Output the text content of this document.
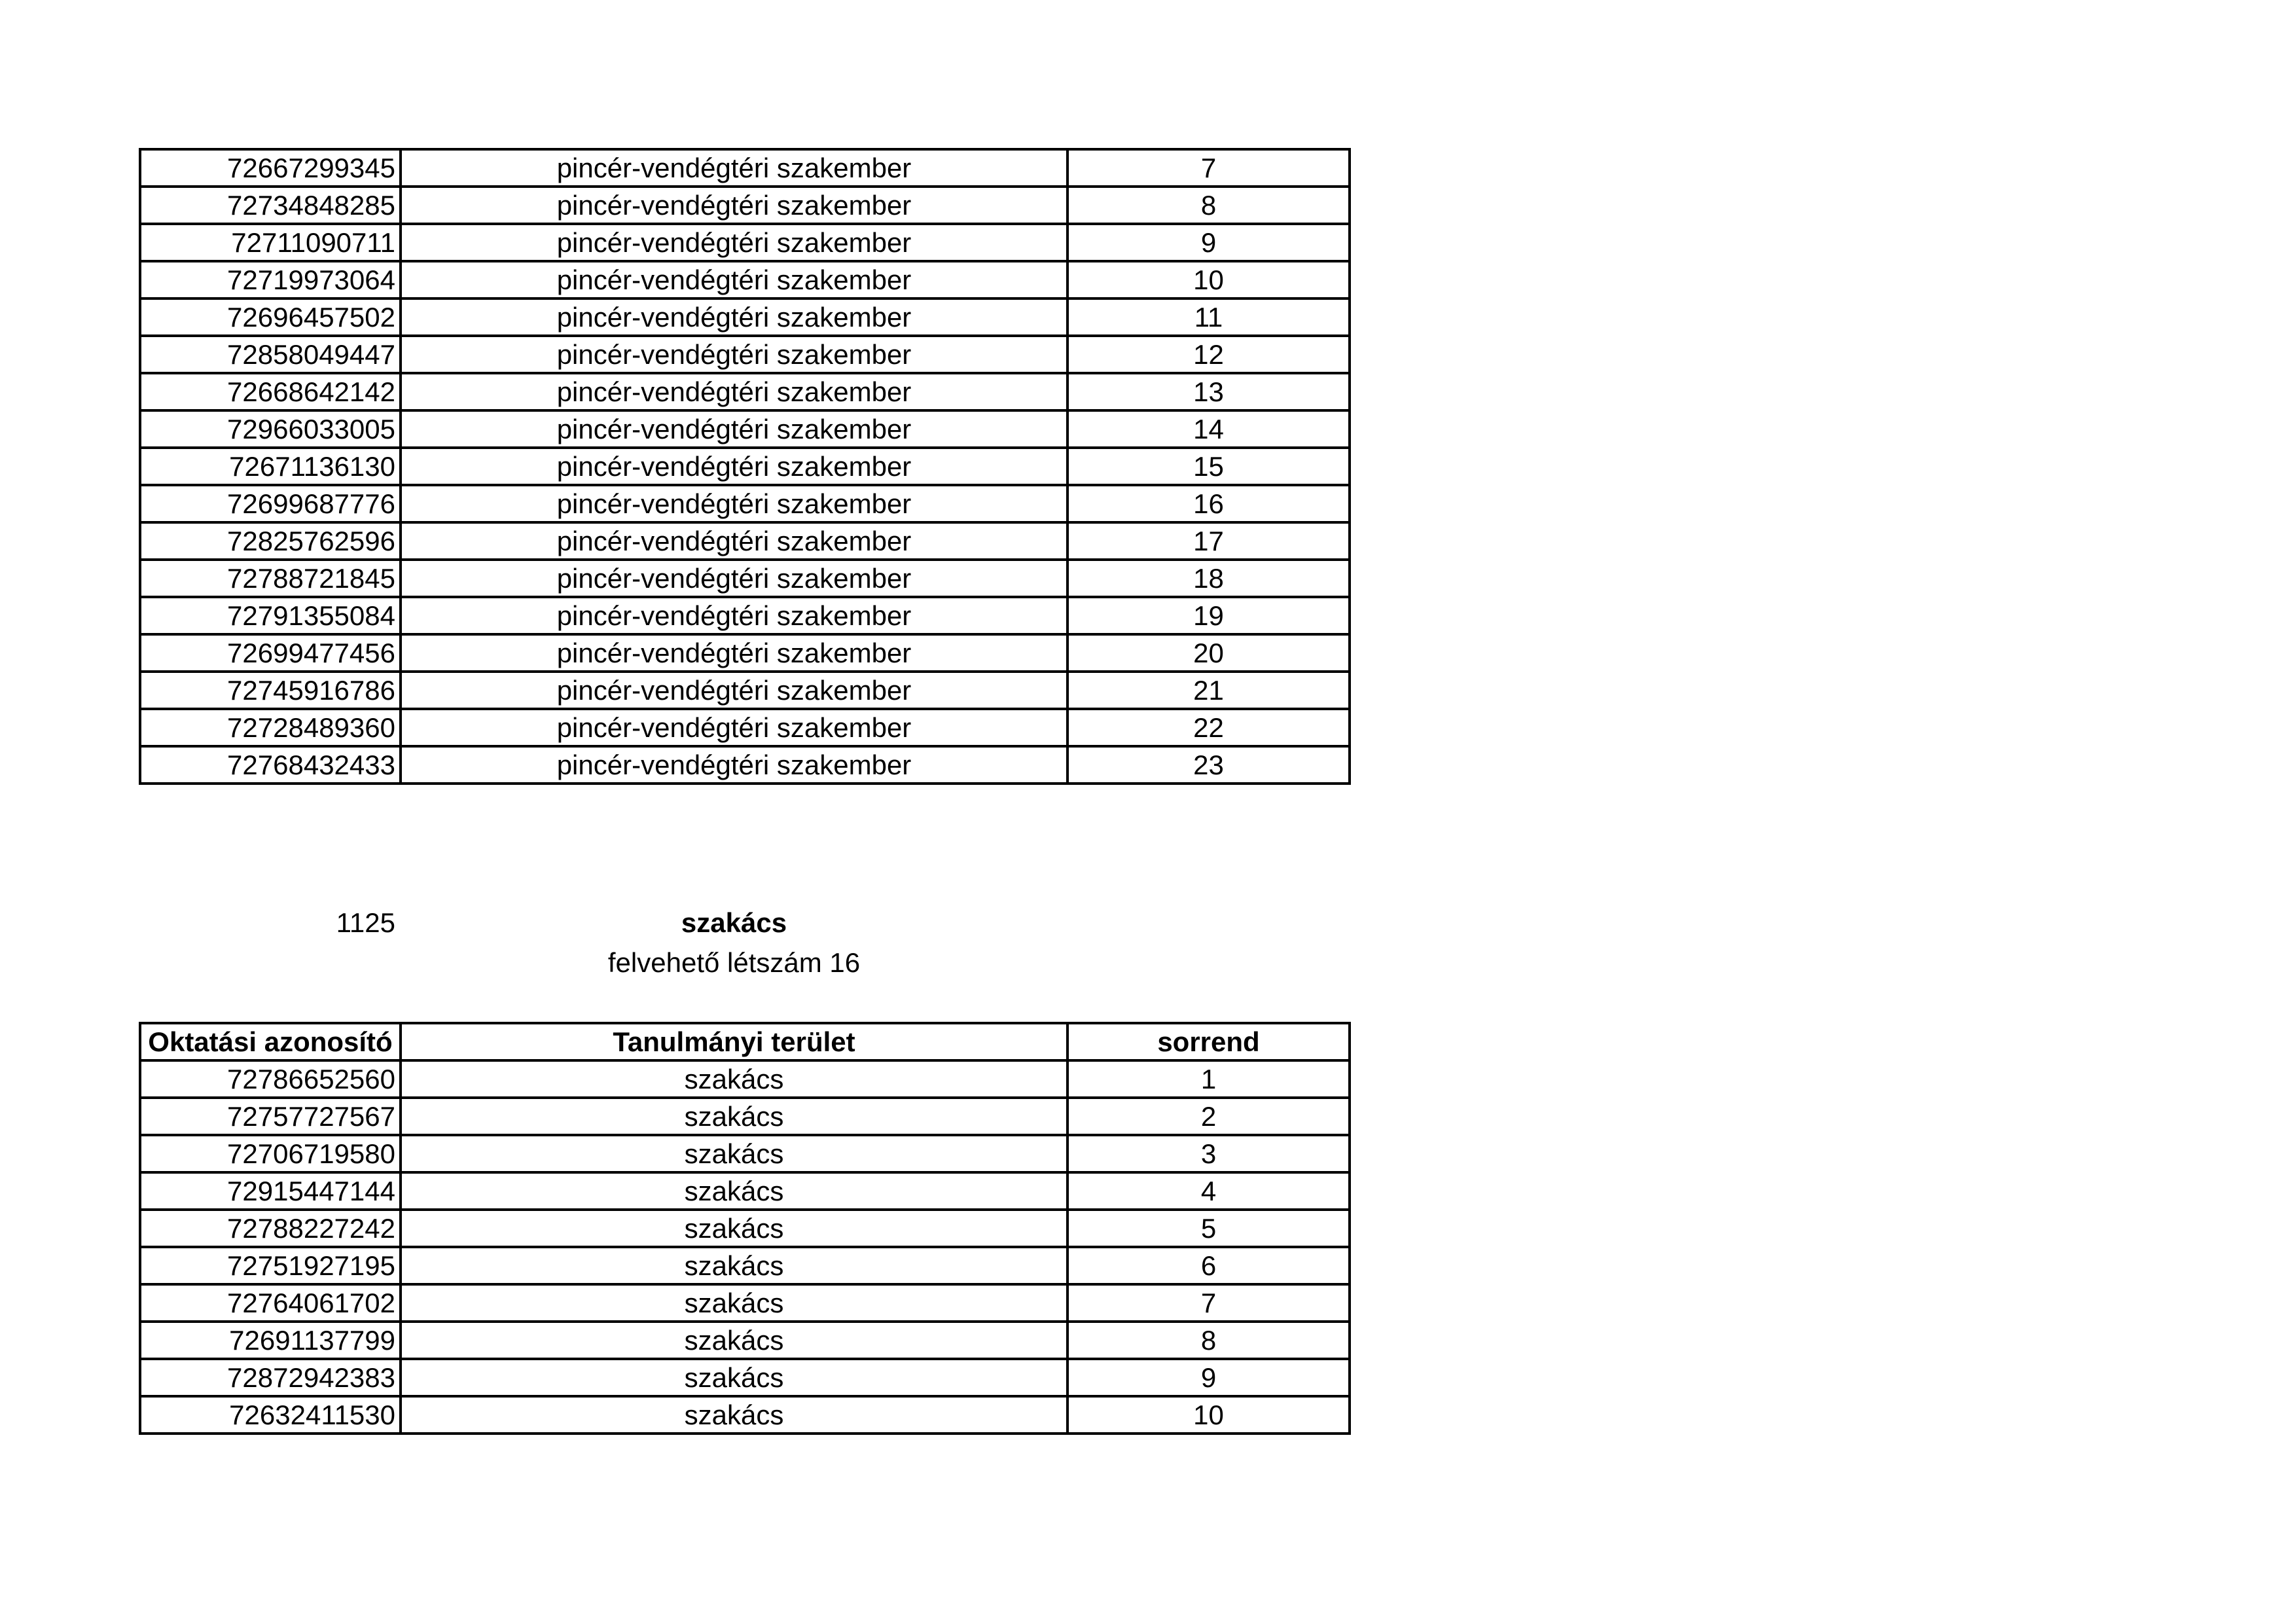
72667299345	pincér-vendégtéri szakember	7
72734848285	pincér-vendégtéri szakember	8
72711090711	pincér-vendégtéri szakember	9
72719973064	pincér-vendégtéri szakember	10
72696457502	pincér-vendégtéri szakember	11
72858049447	pincér-vendégtéri szakember	12
72668642142	pincér-vendégtéri szakember	13
72966033005	pincér-vendégtéri szakember	14
72671136130	pincér-vendégtéri szakember	15
72699687776	pincér-vendégtéri szakember	16
72825762596	pincér-vendégtéri szakember	17
72788721845	pincér-vendégtéri szakember	18
72791355084	pincér-vendégtéri szakember	19
72699477456	pincér-vendégtéri szakember	20
72745916786	pincér-vendégtéri szakember	21
72728489360	pincér-vendégtéri szakember	22
72768432433	pincér-vendégtéri szakember	23
1125	szakács
felvehető létszám 16
Oktatási azonosító	Tanulmányi terület	sorrend
72786652560	szakács	1
72757727567	szakács	2
72706719580	szakács	3
72915447144	szakács	4
72788227242	szakács	5
72751927195	szakács	6
72764061702	szakács	7
72691137799	szakács	8
72872942383	szakács	9
72632411530	szakács	10
